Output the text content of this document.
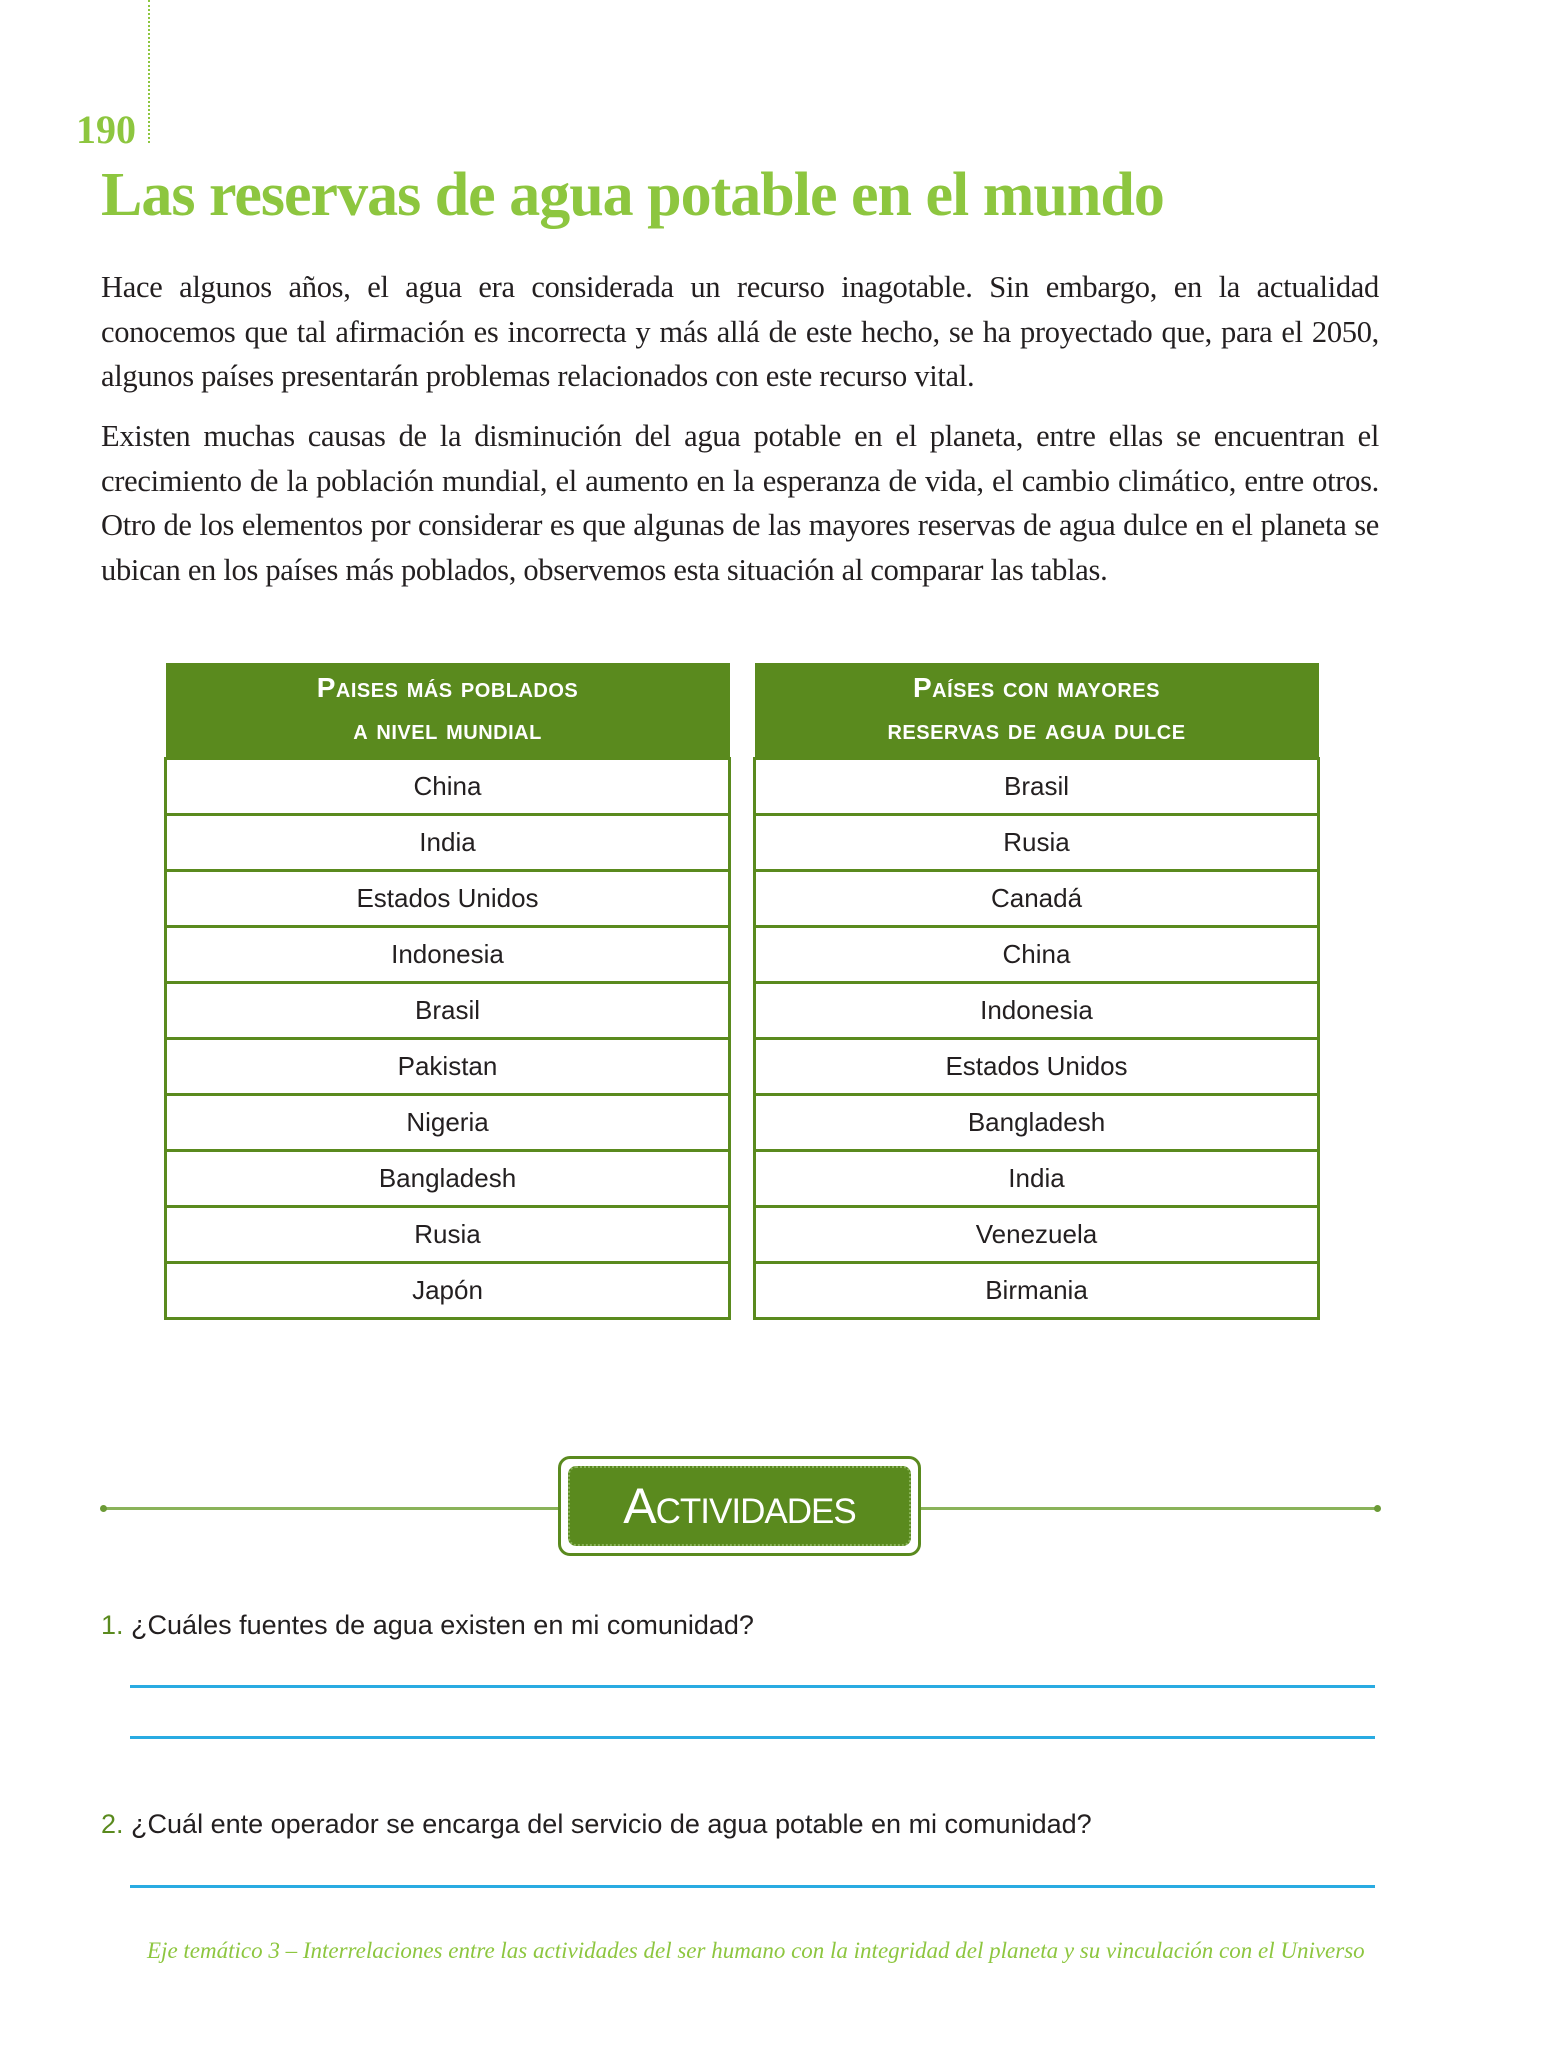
190
Las reservas de agua potable en el mundo

Hace algunos años, el agua era considerada un recurso inagotable. Sin embargo, en la actualidad conocemos que tal afirmación es incorrecta y más allá de este hecho, se ha proyectado que, para el 2050, algunos países presentarán problemas relacionados con este recurso vital.

Existen muchas causas de la disminución del agua potable en el planeta, entre ellas se encuentran el crecimiento de la población mundial, el aumento en la esperanza de vida, el cambio climático, entre otros. Otro de los elementos por considerar es que algunas de las mayores reservas de agua dulce en el planeta se ubican en los países más poblados, observemos esta situación al comparar las tablas.

Paises más poblados
a nivel mundial
China
India
Estados Unidos
Indonesia
Brasil
Pakistan
Nigeria
Bangladesh
Rusia
Japón
Países con mayores
reservas de agua dulce
Brasil
Rusia
Canadá
China
Indonesia
Estados Unidos
Bangladesh
India
Venezuela
Birmania
Actividades
1. ¿Cuáles fuentes de agua existen en mi comunidad?
2. ¿Cuál ente operador se encarga del servicio de agua potable en mi comunidad?
Eje temático 3 – Interrelaciones entre las actividades del ser humano con la integridad del planeta y su vinculación con el Universo
